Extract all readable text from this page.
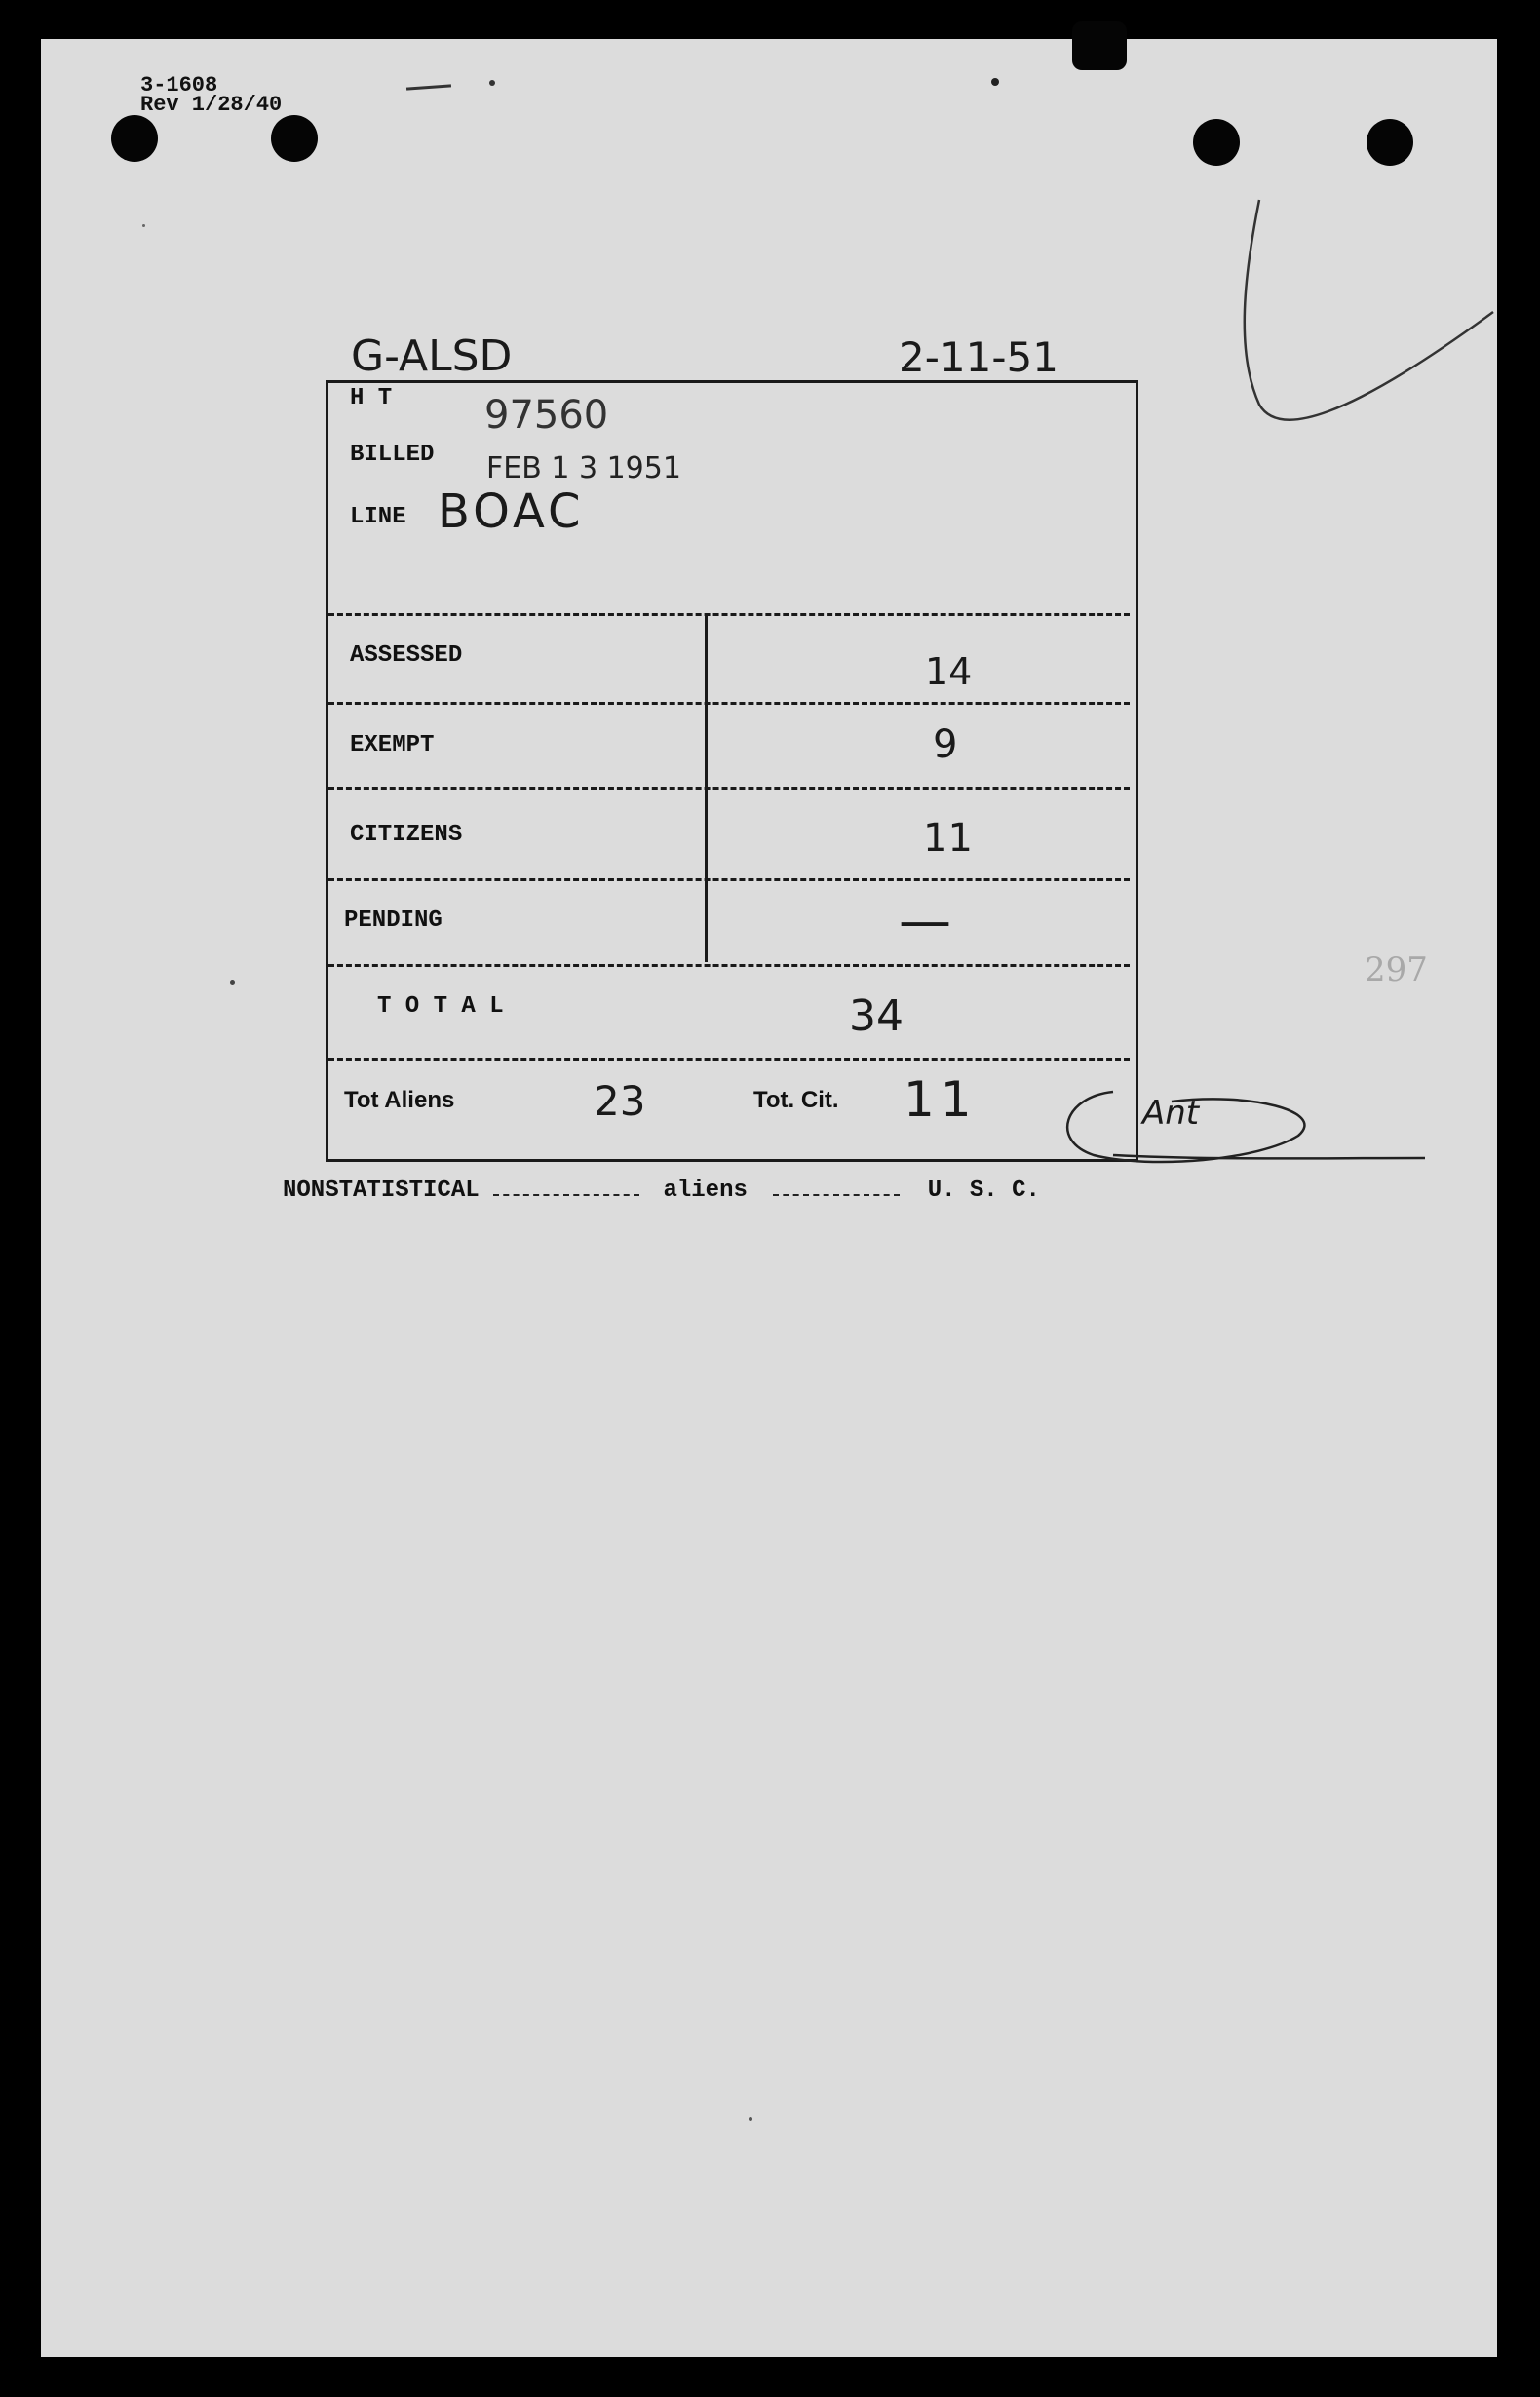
3-1608
Rev 1/28/40
G-ALSD	2-11-51
H T 97560
BILLED FEB 1 3 1951
LINE BOAC
ASSESSED	14
EXEMPT	9
CITIZENS	11
PENDING	—
T O T A L	34
Tot Aliens	23	Tot. Cit. 11	Ant
297
NONSTATISTICAL	aliens	U. S. C.
